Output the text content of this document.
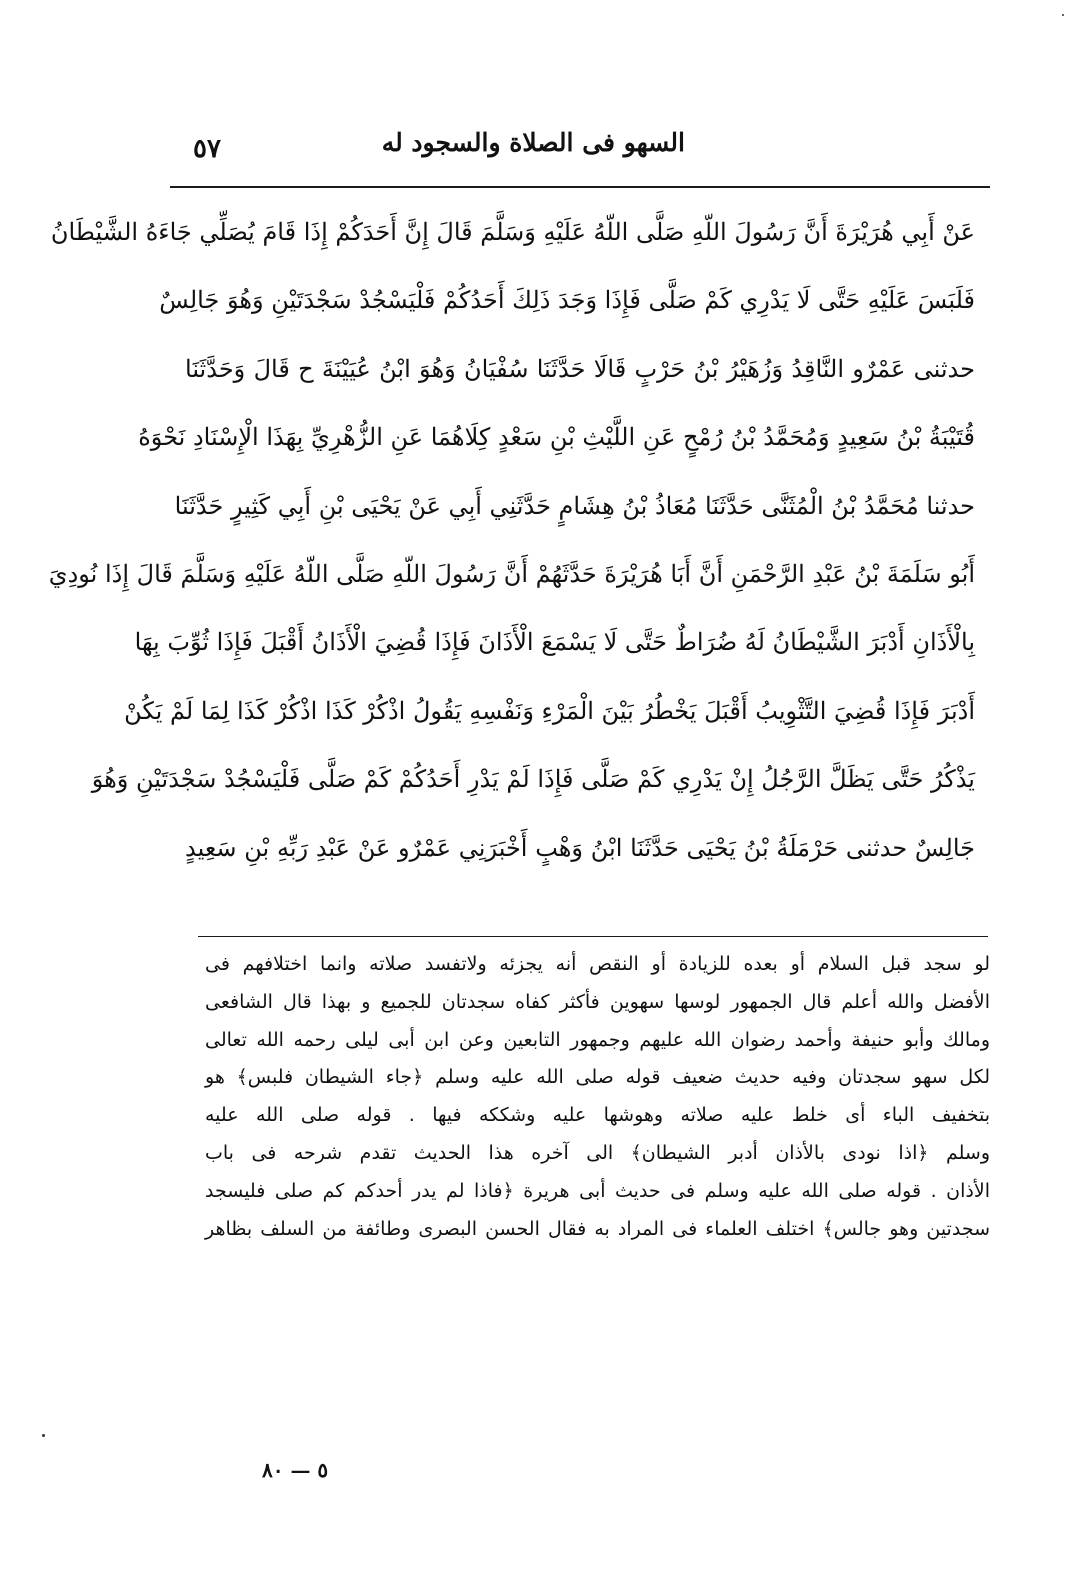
السهو فى الصلاة والسجود له
٥٧
عَنْ أَبِي هُرَيْرَةَ أَنَّ رَسُولَ اللّهِ صَلَّى اللّهُ عَلَيْهِ وَسَلَّمَ قَالَ إِنَّ أَحَدَكُمْ إِذَا قَامَ يُصَلِّي جَاءَهُ الشَّيْطَانُ
فَلَبَسَ عَلَيْهِ حَتَّى لَا يَدْرِي كَمْ صَلَّى فَإِذَا وَجَدَ ذَلِكَ أَحَدُكُمْ فَلْيَسْجُدْ سَجْدَتَيْنِ وَهُوَ جَالِسٌ
حدثنى عَمْرٌو النَّاقِدُ وَزُهَيْرُ بْنُ حَرْبٍ قَالَا حَدَّثَنَا سُفْيَانُ وَهُوَ ابْنُ عُيَيْنَةَ ح قَالَ وَحَدَّثَنَا
قُتَيْبَةُ بْنُ سَعِيدٍ وَمُحَمَّدُ بْنُ رُمْحٍ عَنِ اللَّيْثِ بْنِ سَعْدٍ كِلَاهُمَا عَنِ الزُّهْرِيِّ بِهَذَا الْإِسْنَادِ نَحْوَهُ
حدثنا مُحَمَّدُ بْنُ الْمُثَنَّى حَدَّثَنَا مُعَاذُ بْنُ هِشَامٍ حَدَّثَنِي أَبِي عَنْ يَحْيَى بْنِ أَبِي كَثِيرٍ حَدَّثَنَا
أَبُو سَلَمَةَ بْنُ عَبْدِ الرَّحْمَنِ أَنَّ أَبَا هُرَيْرَةَ حَدَّثَهُمْ أَنَّ رَسُولَ اللّهِ صَلَّى اللّهُ عَلَيْهِ وَسَلَّمَ قَالَ إِذَا نُودِيَ
بِالْأَذَانِ أَدْبَرَ الشَّيْطَانُ لَهُ ضُرَاطٌ حَتَّى لَا يَسْمَعَ الْأَذَانَ فَإِذَا قُضِيَ الْأَذَانُ أَقْبَلَ فَإِذَا ثُوِّبَ بِهَا
أَدْبَرَ فَإِذَا قُضِيَ التَّثْوِيبُ أَقْبَلَ يَخْطُرُ بَيْنَ الْمَرْءِ وَنَفْسِهِ يَقُولُ اذْكُرْ كَذَا اذْكُرْ كَذَا لِمَا لَمْ يَكُنْ
يَذْكُرُ حَتَّى يَظَلَّ الرَّجُلُ إِنْ يَدْرِي كَمْ صَلَّى فَإِذَا لَمْ يَدْرِ أَحَدُكُمْ كَمْ صَلَّى فَلْيَسْجُدْ سَجْدَتَيْنِ وَهُوَ
جَالِسٌ حدثنى حَرْمَلَةُ بْنُ يَحْيَى حَدَّثَنَا ابْنُ وَهْبٍ أَخْبَرَنِي عَمْرٌو عَنْ عَبْدِ رَبِّهِ بْنِ سَعِيدٍ
لو سجد قبل السلام أو بعده للزيادة أو النقص أنه يجزئه ولاتفسد صلاته وانما اختلافهم فى
الأفضل والله أعلم قال الجمهور لوسها سهوين فأكثر كفاه سجدتان للجميع و بهذا قال الشافعى
ومالك وأبو حنيفة وأحمد رضوان الله عليهم وجمهور التابعين وعن ابن أبى ليلى رحمه الله تعالى
لكل سهو سجدتان وفيه حديث ضعيف قوله صلى الله عليه وسلم ﴿جاء الشيطان فلبس﴾ هو
بتخفيف الباء أى خلط عليه صلاته وهوشها عليه وشككه فيها . قوله صلى الله عليه
وسلم ﴿اذا نودى بالأذان أدبر الشيطان﴾ الى آخره هذا الحديث تقدم شرحه فى باب
الأذان . قوله صلى الله عليه وسلم فى حديث أبى هريرة ﴿فاذا لم يدر أحدكم كم صلى فليسجد
سجدتين وهو جالس﴾ اختلف العلماء فى المراد به فقال الحسن البصرى وطائفة من السلف بظاهر
٥ — ٨٠
